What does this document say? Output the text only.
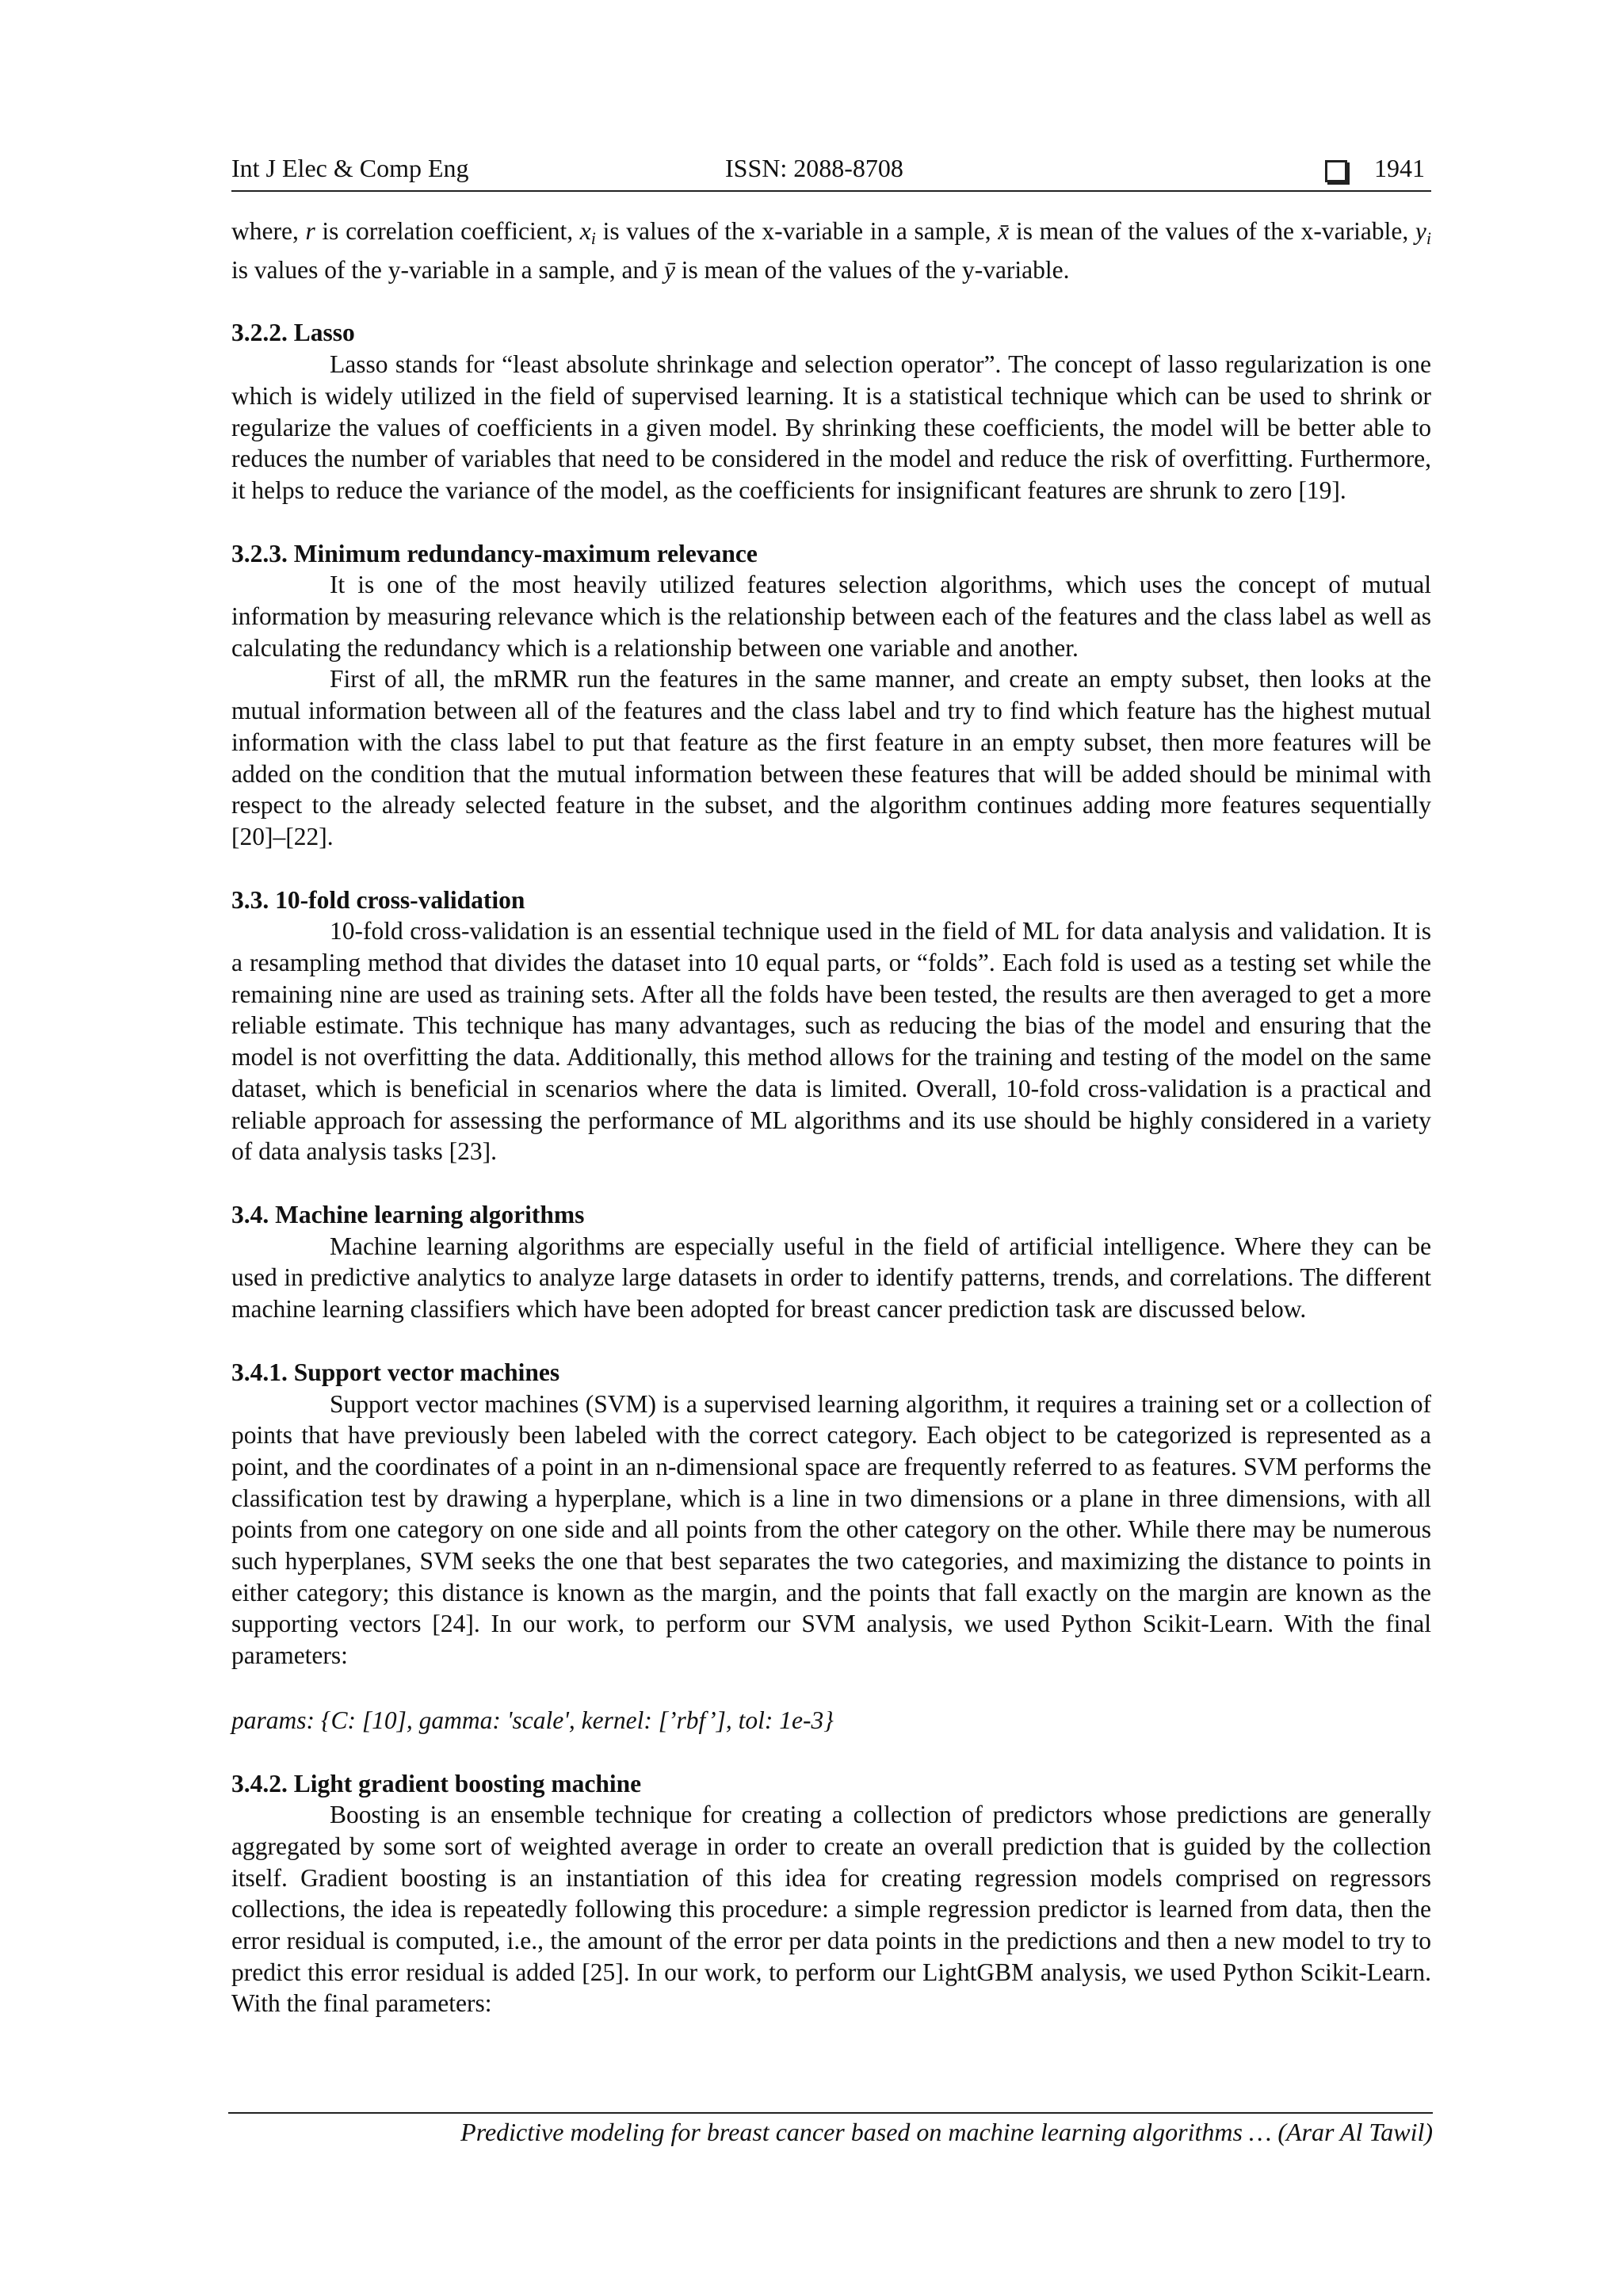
Int J Elec & Comp Eng	ISSN: 2088-8708	1941

where, r is correlation coefficient, $x_i$ is values of the x-variable in a sample, x̄ is mean of the values of the x-variable, $y_i$ is values of the y-variable in a sample, and ȳ is mean of the values of the y-variable.

3.2.2. Lasso

Lasso stands for “least absolute shrinkage and selection operator”. The concept of lasso regularization is one which is widely utilized in the field of supervised learning. It is a statistical technique which can be used to shrink or regularize the values of coefficients in a given model. By shrinking these coefficients, the model will be better able to reduces the number of variables that need to be considered in the model and reduce the risk of overfitting. Furthermore, it helps to reduce the variance of the model, as the coefficients for insignificant features are shrunk to zero [19].

3.2.3. Minimum redundancy-maximum relevance

It is one of the most heavily utilized features selection algorithms, which uses the concept of mutual information by measuring relevance which is the relationship between each of the features and the class label as well as calculating the redundancy which is a relationship between one variable and another.

First of all, the mRMR run the features in the same manner, and create an empty subset, then looks at the mutual information between all of the features and the class label and try to find which feature has the highest mutual information with the class label to put that feature as the first feature in an empty subset, then more features will be added on the condition that the mutual information between these features that will be added should be minimal with respect to the already selected feature in the subset, and the algorithm continues adding more features sequentially [20]–[22].

3.3. 10-fold cross-validation

10-fold cross-validation is an essential technique used in the field of ML for data analysis and validation. It is a resampling method that divides the dataset into 10 equal parts, or “folds”. Each fold is used as a testing set while the remaining nine are used as training sets. After all the folds have been tested, the results are then averaged to get a more reliable estimate. This technique has many advantages, such as reducing the bias of the model and ensuring that the model is not overfitting the data. Additionally, this method allows for the training and testing of the model on the same dataset, which is beneficial in scenarios where the data is limited. Overall, 10-fold cross-validation is a practical and reliable approach for assessing the performance of ML algorithms and its use should be highly considered in a variety of data analysis tasks [23].

3.4. Machine learning algorithms

Machine learning algorithms are especially useful in the field of artificial intelligence. Where they can be used in predictive analytics to analyze large datasets in order to identify patterns, trends, and correlations. The different machine learning classifiers which have been adopted for breast cancer prediction task are discussed below.

3.4.1. Support vector machines

Support vector machines (SVM) is a supervised learning algorithm, it requires a training set or a collection of points that have previously been labeled with the correct category. Each object to be categorized is represented as a point, and the coordinates of a point in an n-dimensional space are frequently referred to as features. SVM performs the classification test by drawing a hyperplane, which is a line in two dimensions or a plane in three dimensions, with all points from one category on one side and all points from the other category on the other. While there may be numerous such hyperplanes, SVM seeks the one that best separates the two categories, and maximizing the distance to points in either category; this distance is known as the margin, and the points that fall exactly on the margin are known as the supporting vectors [24]. In our work, to perform our SVM analysis, we used Python Scikit-Learn. With the final parameters:

params: {C: [10], gamma: 'scale', kernel: [’rbf’], tol: 1e-3}

3.4.2. Light gradient boosting machine

Boosting is an ensemble technique for creating a collection of predictors whose predictions are generally aggregated by some sort of weighted average in order to create an overall prediction that is guided by the collection itself. Gradient boosting is an instantiation of this idea for creating regression models comprised on regressors collections, the idea is repeatedly following this procedure: a simple regression predictor is learned from data, then the error residual is computed, i.e., the amount of the error per data points in the predictions and then a new model to try to predict this error residual is added [25]. In our work, to perform our LightGBM analysis, we used Python Scikit-Learn. With the final parameters:

Predictive modeling for breast cancer based on machine learning algorithms … (Arar Al Tawil)
